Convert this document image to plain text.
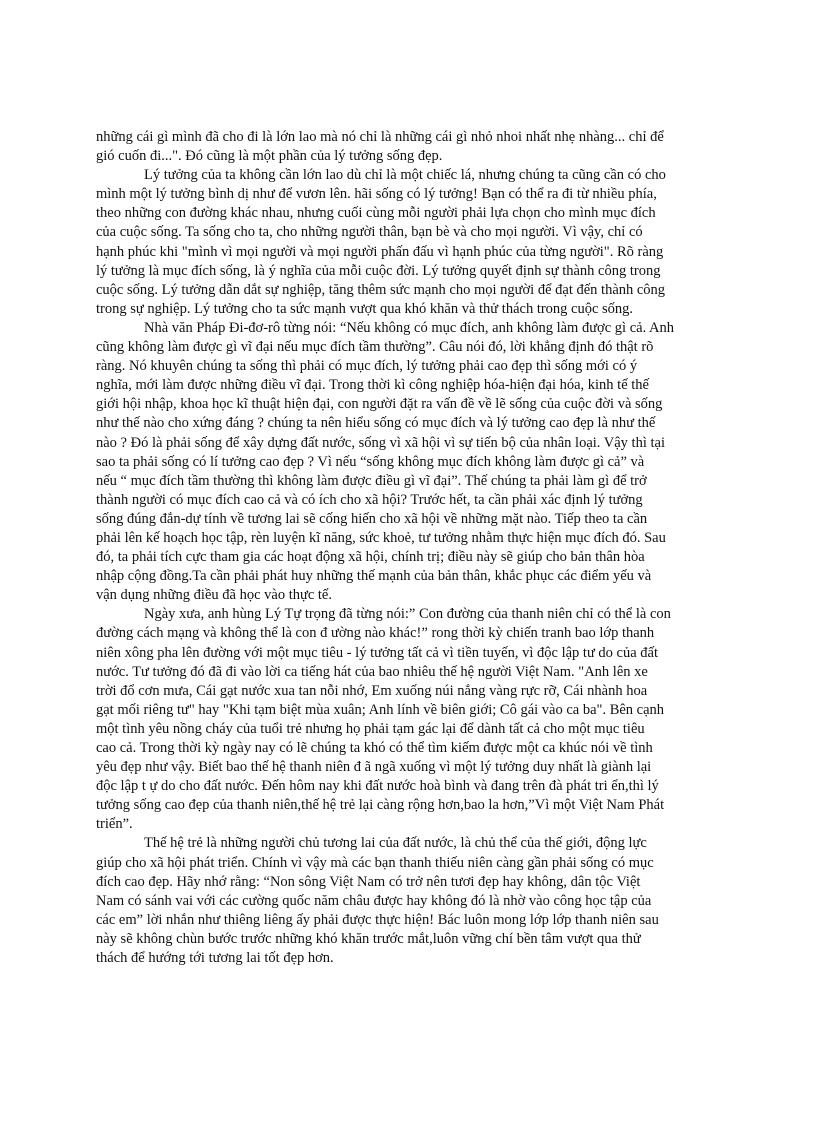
những cái gì mình đã cho đi là lớn lao mà nó chỉ là những cái gì nhỏ nhoi nhất nhẹ nhàng... chỉ để
gió cuốn đi...". Đó cũng là một phần của lý tưởng sống đẹp.
Lý tưởng của ta không cần lớn lao dù chỉ là một chiếc lá, nhưng chúng ta cũng cần có cho
mình một lý tưởng bình dị như để vươn lên. hãi sống có lý tưởng! Bạn có thể ra đi từ nhiều phía,
theo những con đường khác nhau, nhưng cuối cùng mỗi người phải lựa chọn cho mình mục đích
của cuộc sống. Ta sống cho ta, cho những người thân, bạn bè và cho mọi người. Vì vậy, chỉ có
hạnh phúc khi "mình vì mọi người và mọi người phấn đấu vì hạnh phúc của từng người". Rõ ràng
lý tưởng là mục đích sống, là ý nghĩa của mỗi cuộc đời. Lý tưởng quyết định sự thành công trong
cuộc sống. Lý tưởng dẫn dắt sự nghiệp, tăng thêm sức mạnh cho mọi người để đạt đến thành công
trong sự nghiệp. Lý tưởng cho ta sức mạnh vượt qua khó khăn và thử thách trong cuộc sống.
Nhà văn Pháp Đi-đơ-rô từng nói: “Nếu không có mục đích, anh không làm được gì cả. Anh
cũng không làm được gì vĩ đại nếu mục đích tầm thường”. Câu nói đó, lời khẳng định đó thật rõ
ràng. Nó khuyên chúng ta sống thì phải có mục đích, lý tưởng phải cao đẹp thì sống mới có ý
nghĩa, mới làm được những điều vĩ đại. Trong thời kì công nghiệp hóa-hiện đại hóa, kinh tế thế
giới hội nhập, khoa học kĩ thuật hiện đại, con người đặt ra vấn đề về lẽ sống của cuộc đời và sống
như thế nào cho xứng đáng ? chúng ta nên hiểu sống có mục đích và lý tưởng cao đẹp là như thế
nào ? Đó là phải sống để xây dựng đất nước, sống vì xã hội vì sự tiến bộ của nhân loại. Vậy thì tại
sao ta phải sống có lí tưởng cao đẹp ? Vì nếu “sống không mục đích không làm được gì cả” và
nếu “ mục đích tầm thường thì không làm được điều gì vĩ đại”. Thế chúng ta phải làm gì để trở
thành người có mục đích cao cả và có ích cho xã hội? Trước hết, ta cần phải xác định lý tưởng
sống đúng đắn-dự tính về tương lai sẽ cống hiến cho xã hội về những mặt nào. Tiếp theo ta cần
phải lên kế hoạch học tập, rèn luyện kĩ năng, sức khoẻ, tư tưởng nhằm thực hiện mục đích đó. Sau
đó, ta phải tích cực tham gia các hoạt động xã hội, chính trị; điều này sẽ giúp cho bản thân hòa
nhập cộng đồng.Ta cần phải phát huy những thế mạnh của bản thân, khắc phục các điểm yếu và
vận dụng những điều đã học vào thực tế.
Ngày xưa, anh hùng Lý Tự trọng đã từng nói:” Con đường của thanh niên chỉ có thể là con
đường cách mạng và không thể là con đ ường nào khác!” rong thời kỳ chiến tranh bao lớp thanh
niên xông pha lên đường với một mục tiêu - lý tưởng tất cả vì tiền tuyến, vì độc lập tư do của đất
nước. Tư tưởng đó đã đi vào lời ca tiếng hát của bao nhiêu thế hệ người Việt Nam. "Anh lên xe
trời đổ cơn mưa, Cái gạt nước xua tan nỗi nhớ, Em xuống núi nắng vàng rực rỡ, Cái nhành hoa
gạt mối riêng tư" hay "Khi tạm biệt mùa xuân; Anh lính về biên giới; Cô gái vào ca ba". Bên cạnh
một tình yêu nồng cháy của tuổi trẻ nhưng họ phải tạm gác lại để dành tất cả cho một mục tiêu
cao cả. Trong thời kỳ ngày nay có lẽ chúng ta khó có thể tìm kiếm được một ca khúc nói về tình
yêu đẹp như vậy. Biết bao thế hệ thanh niên đ ã ngã xuống vì một lý tưởng duy nhất là giành lại
độc lập t ự do cho đất nước. Đến hôm nay khi đất nước hoà bình và đang trên đà phát tri ển,thì lý
tưởng sống cao đẹp của thanh niên,thế hệ trẻ lại càng rộng hơn,bao la hơn,”Vì một Việt Nam Phát
triển”.
Thế hệ trẻ là những người chủ tương lai của đất nước, là chủ thể của thế giới, động lực
giúp cho xã hội phát triển. Chính vì vậy mà các bạn thanh thiếu niên càng gần phải sống có mục
đích cao đẹp. Hãy nhớ rằng: “Non sông Việt Nam có trở nên tươi đẹp hay không, dân tộc Việt
Nam có sánh vai với các cường quốc năm châu được hay không đó là nhờ vào công học tập của
các em” lời nhắn như thiêng liêng ấy phải được thực hiện! Bác luôn mong lớp lớp thanh niên sau
này sẽ không chùn bước trước những khó khăn trước mắt,luôn vững chí bền tâm vượt qua thử
thách để hướng tới tương lai tốt đẹp hơn.
